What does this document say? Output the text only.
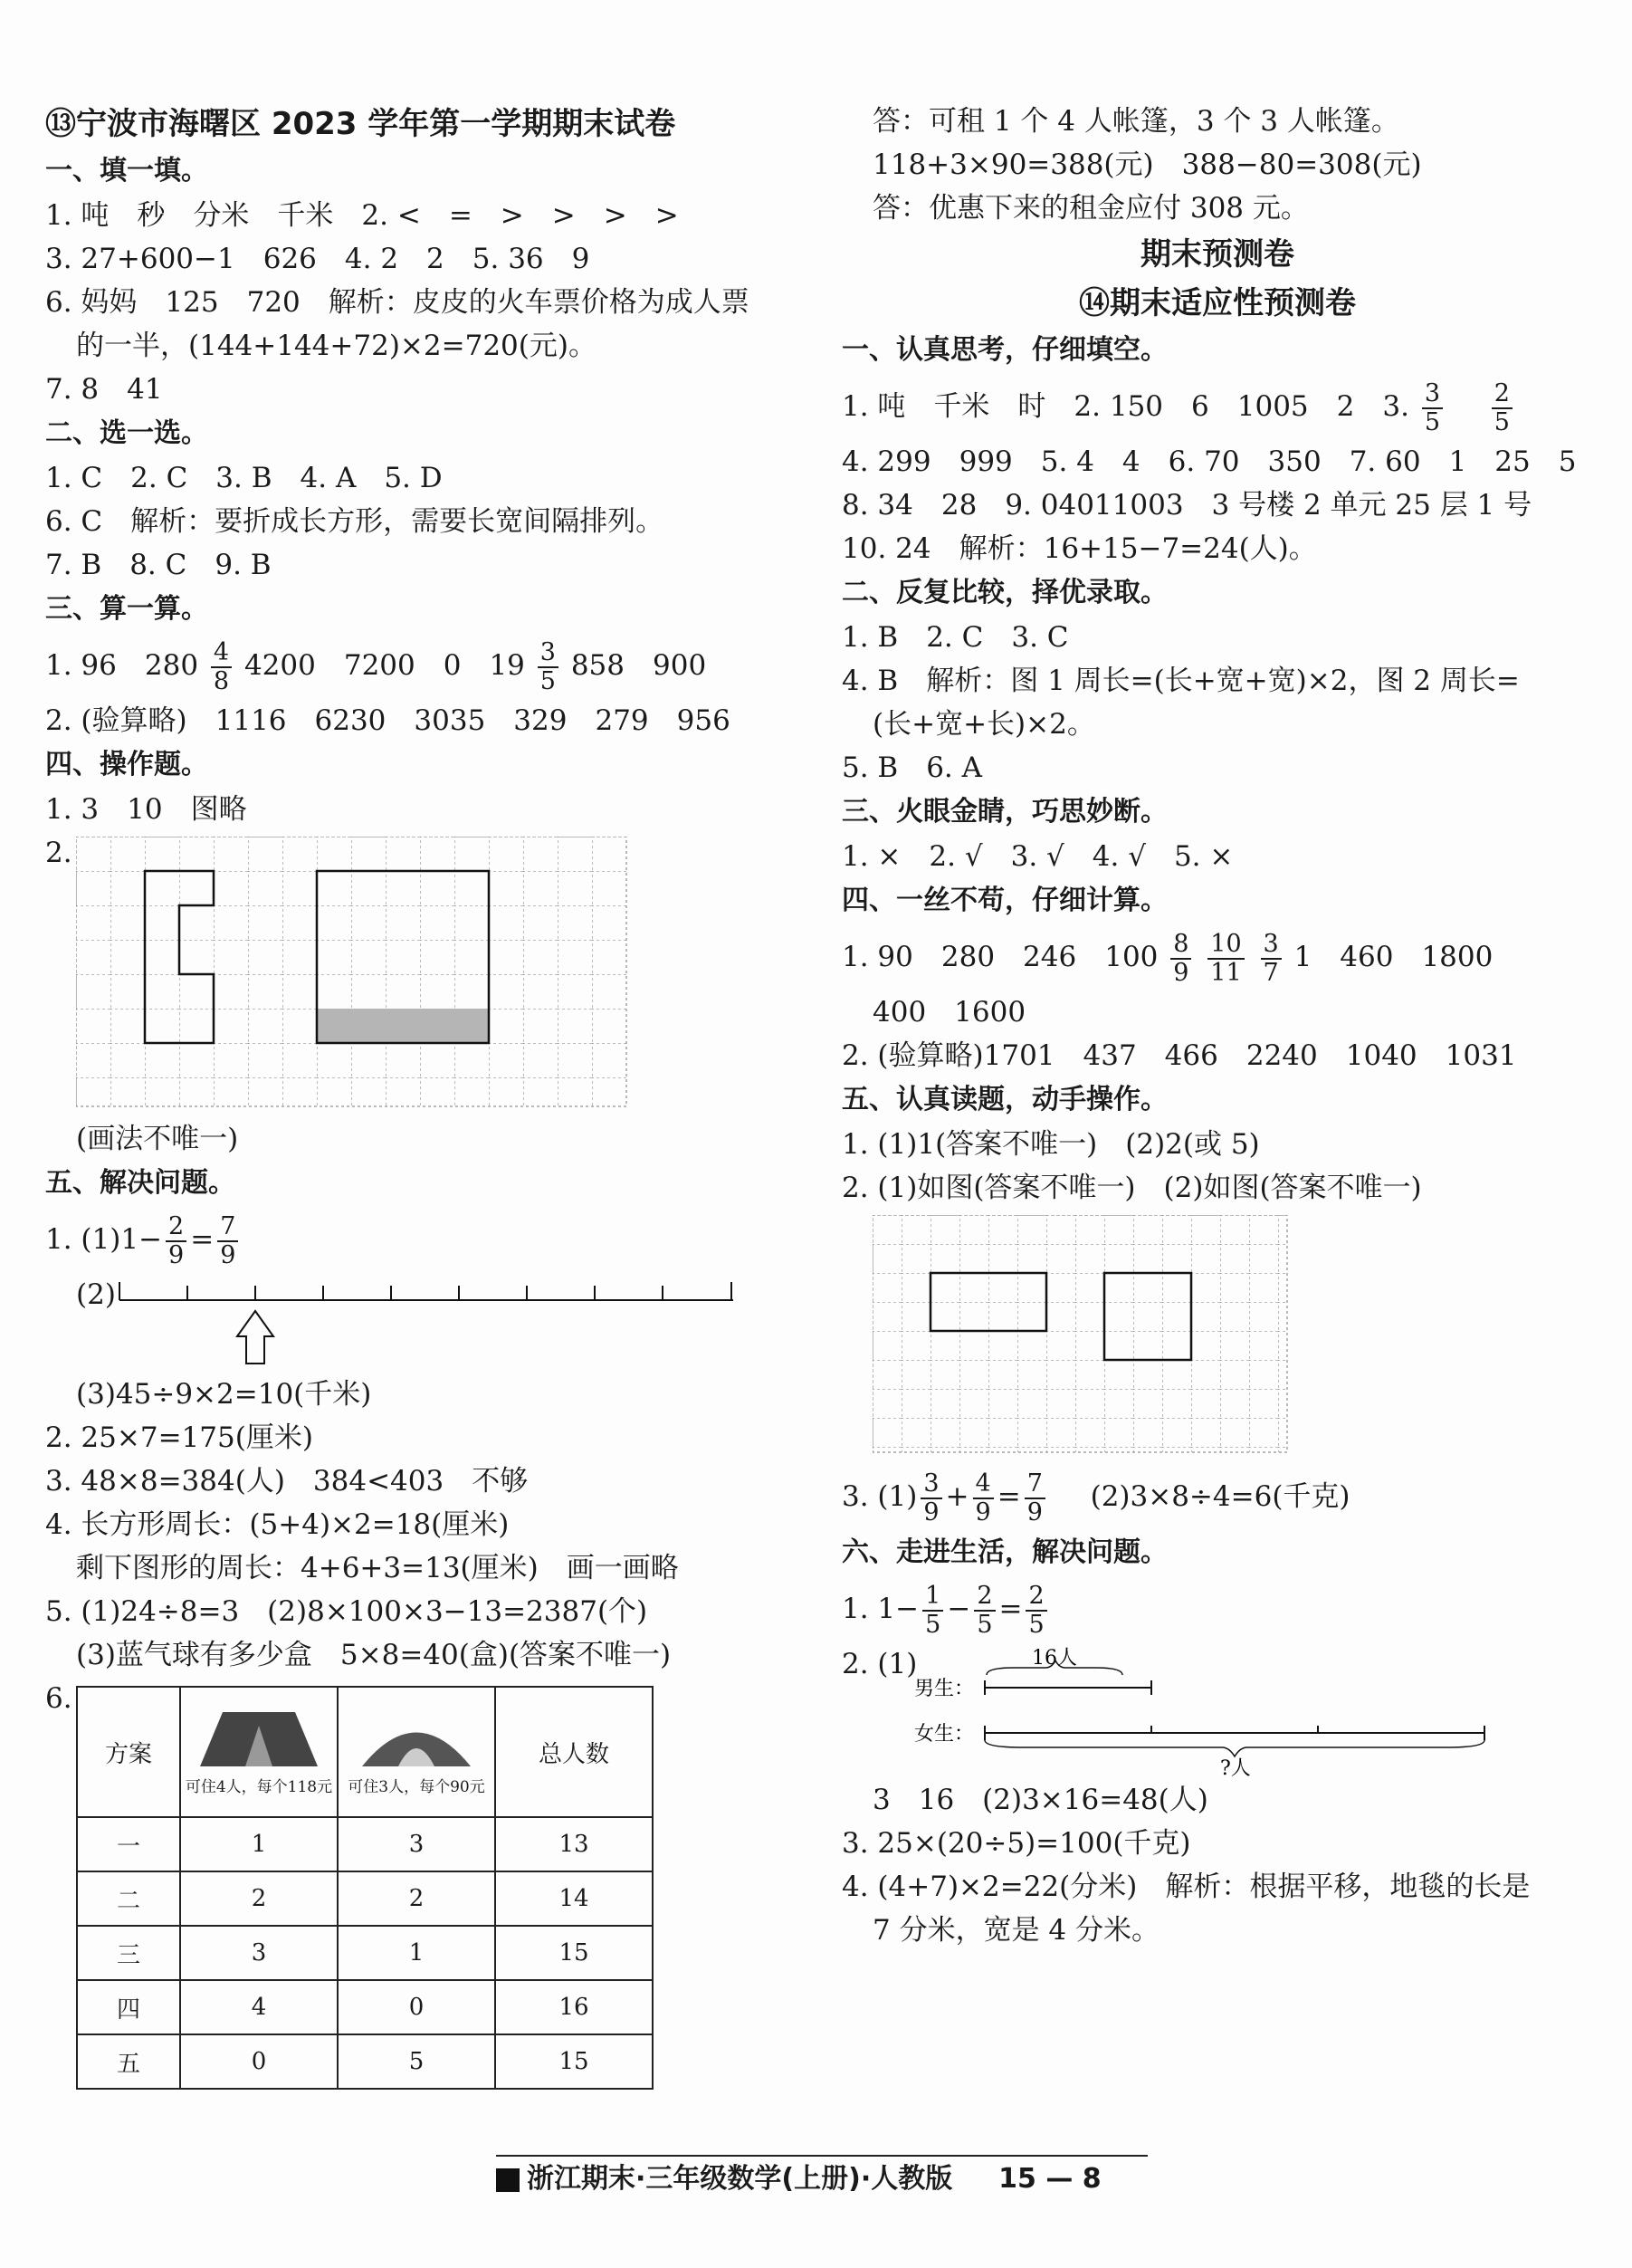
⑬宁波市海曙区 2023 学年第一学期期末试卷
一、填一填。
1. 吨　秒　分米　千米　2. <　=　>　>　>　>
3. 27+600−1　626　4. 2　2　5. 36　9
6. 妈妈　125　720　解析：皮皮的火车票价格为成人票
的一半，(144+144+72)×2=720(元)。
7. 8　41
二、选一选。
1. C　2. C　3. B　4. A　5. D
6. C　解析：要折成长方形，需要长宽间隔排列。
7. B　8. C　9. B
三、算一算。
1. 96　$280 \frac{4}{8} 4200$　7200　0　$19 \frac{3}{5} 858$　900
2. (验算略)　1116　6230　3035　329　279　956
四、操作题。
1. 3　10　图略
2.
(画法不唯一)
五、解决问题。
1. $(1)1- \frac{2}{9} = \frac{7}{9}$
(2)
(3)45÷9×2=10(千米)
2. 25×7=175(厘米)
3. 48×8=384(人)　384<403　不够
4. 长方形周长：(5+4)×2=18(厘米)
剩下图形的周长：4+6+3=13(厘米)　画一画略
5. (1)24÷8=3　(2)8×100×3−13=2387(个)
(3)蓝气球有多少盒　5×8=40(盒)(答案不唯一)
6.
方案	可住4人，每个118元	可住3人，每个90元	总人数
一	1	3	13
二	2	2	14
三	3	1	15
四	4	0	16
五	0	5	15
答：可租 1 个 4 人帐篷，3 个 3 人帐篷。
118+3×90=388(元)　388−80=308(元)
答：优惠下来的租金应付 308 元。
期末预测卷
⑭期末适应性预测卷
一、认真思考，仔细填空。
1. 吨　千米　时　2. 150　6　1005　2　3. $\frac{3}{5}$
$\frac{2}{5}$
4. 299　999　5. 4　4　6. 70　350　7. 60　1　25　5
8. 34　28　9. 04011003　3 号楼 2 单元 25 层 1 号
10. 24　解析：16+15−7=24(人)。
二、反复比较，择优录取。
1. B　2. C　3. C
4. B　解析：图 1 周长=(长+宽+宽)×2，图 2 周长=
(长+宽+长)×2。
5. B　6. A
三、火眼金睛，巧思妙断。
1. ×　2. √　3. √　4. √　5. ×
四、一丝不苟，仔细计算。
1. 90　280　246　$100 \frac{8}{9}$
$\frac{10}{11}$
$\frac{3}{7} 1$　460　1800
400　1600
2. (验算略)1701　437　466　2240　1040　1031
五、认真读题，动手操作。
1. (1)1(答案不唯一)　(2)2(或 5)
2. (1)如图(答案不唯一)　(2)如图(答案不唯一)
3. $(1) \frac{3}{9} + \frac{4}{9} = \frac{7}{9} (2)3\times 8\div 4=6$(千克)
六、走进生活，解决问题。
1. $1- \frac{1}{5} - \frac{2}{5} = \frac{2}{5}$
2. (1)	16人
男生：
女生：
?人
3　16　(2)3×16=48(人)
3. 25×(20÷5)=100(千克)
4. (4+7)×2=22(分米)　解析：根据平移，地毯的长是
7 分米，宽是 4 分米。
浙江期末·三年级数学(上册)·人教版 15 — 8
